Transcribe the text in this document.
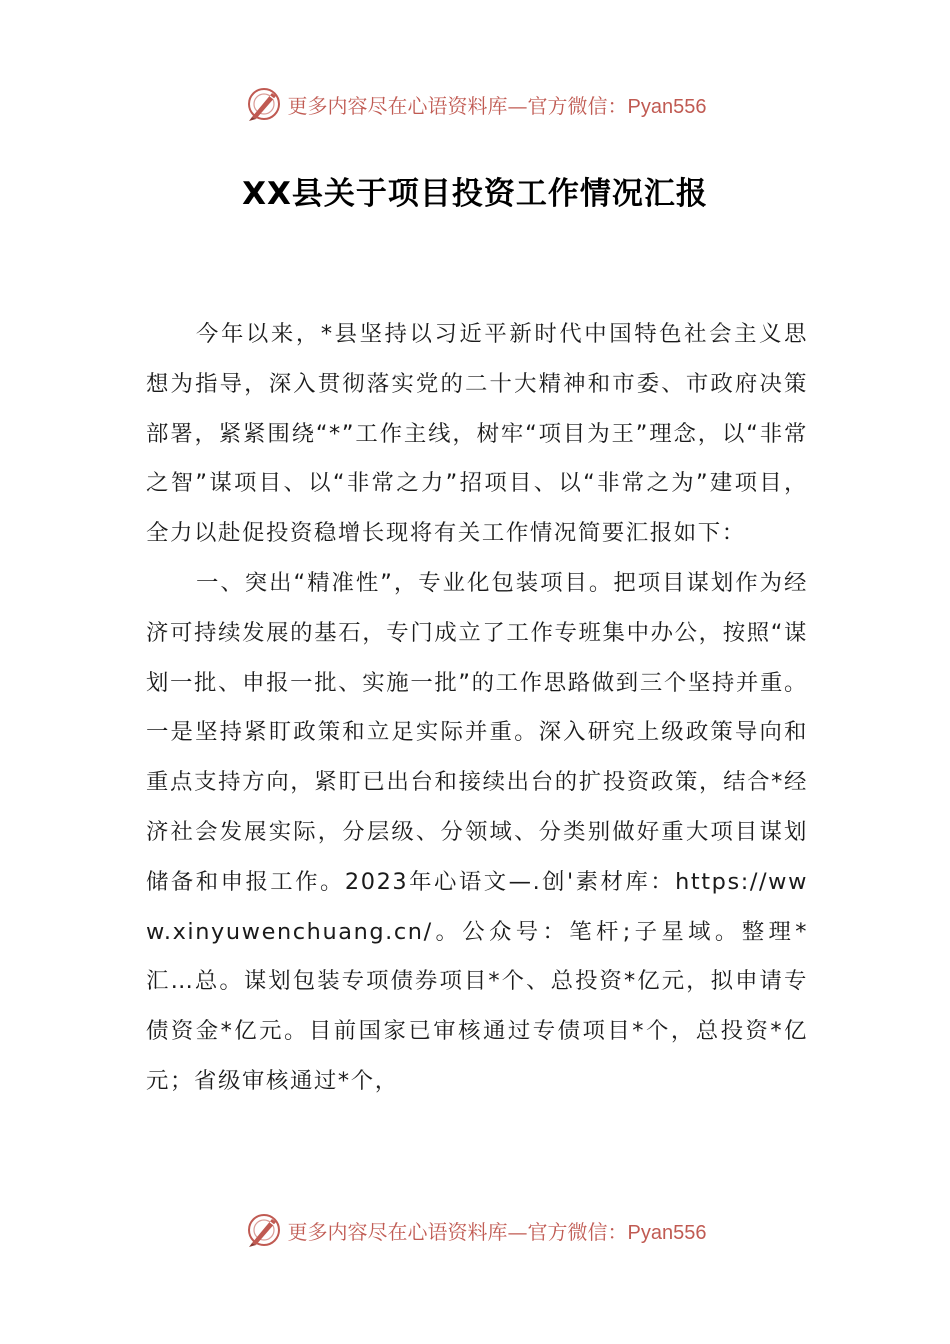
更多内容尽在心语资料库—官方微信：Pyan556
XX县关于项目投资工作情况汇报

今年以来，*县坚持以习近平新时代中国特色社会主义思想为指导，深入贯彻落实党的二十大精神和市委、市政府决策部署，紧紧围绕“*”工作主线，树牢“项目为王”理念，以“非常之智”谋项目、以“非常之力”招项目、以“非常之为”建项目，全力以赴促投资稳增长现将有关工作情况简要汇报如下：

一、突出“精准性”，专业化包装项目。把项目谋划作为经济可持续发展的基石，专门成立了工作专班集中办公，按照“谋划一批、申报一批、实施一批”的工作思路做到三个坚持并重。一是坚持紧盯政策和立足实际并重。深入研究上级政策导向和重点支持方向，紧盯已出台和接续出台的扩投资政策，结合*经济社会发展实际，分层级、分领域、分类别做好重大项目谋划储备和申报工作。2023年心语文—.创'素材库：https://www.xinyuwenchuang.cn/。公众号：笔杆;子星域。整理*汇…总。谋划包装专项债券项目*个、总投资*亿元，拟申请专债资金*亿元。目前国家已审核通过专债项目*个，总投资*亿元；省级审核通过*个，

更多内容尽在心语资料库—官方微信：Pyan556
